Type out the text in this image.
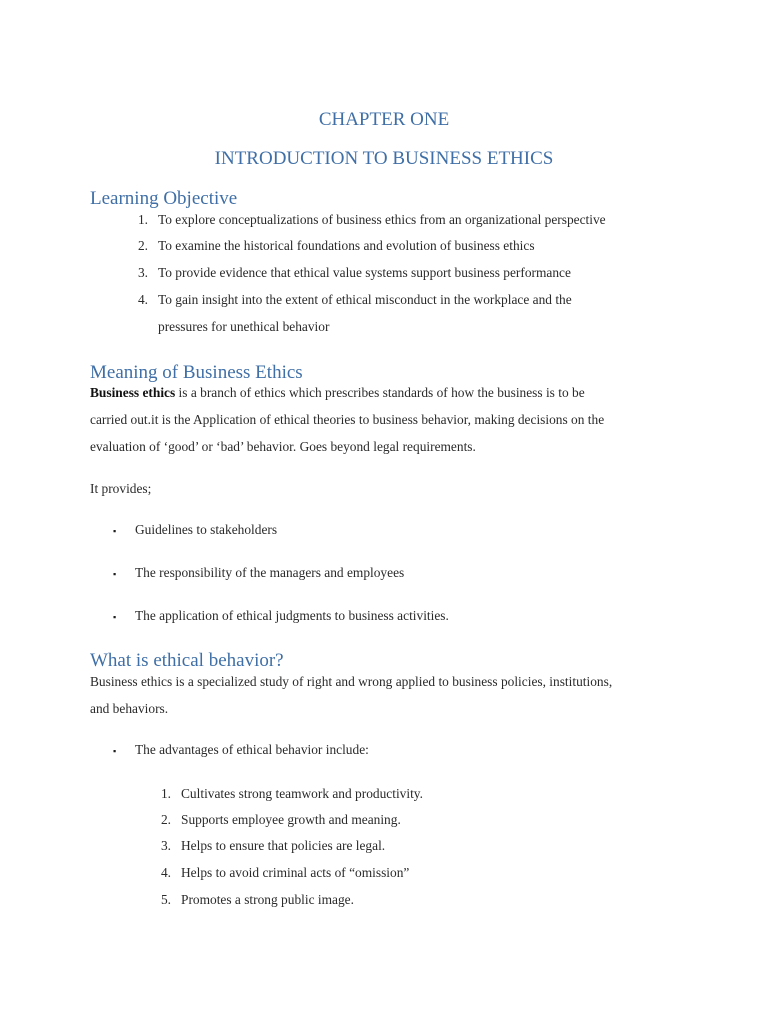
CHAPTER ONE
INTRODUCTION TO BUSINESS ETHICS
Learning Objective
1. To explore conceptualizations of business ethics from an organizational perspective
2. To examine the historical foundations and evolution of business ethics
3. To provide evidence that ethical value systems support business performance
4. To gain insight into the extent of ethical misconduct in the workplace and the
pressures for unethical behavior
Meaning of Business Ethics
Business ethics is a branch of ethics which prescribes standards of how the business is to be
carried out.it is the Application of ethical theories to business behavior, making decisions on the
evaluation of ‘good’ or ‘bad’ behavior. Goes beyond legal requirements.
It provides;
▪ Guidelines to stakeholders
▪ The responsibility of the managers and employees
▪ The application of ethical judgments to business activities.
What is ethical behavior?
Business ethics is a specialized study of right and wrong applied to business policies, institutions,
and behaviors.
▪ The advantages of ethical behavior include:
1. Cultivates strong teamwork and productivity.
2. Supports employee growth and meaning.
3. Helps to ensure that policies are legal.
4. Helps to avoid criminal acts of “omission”
5. Promotes a strong public image.
